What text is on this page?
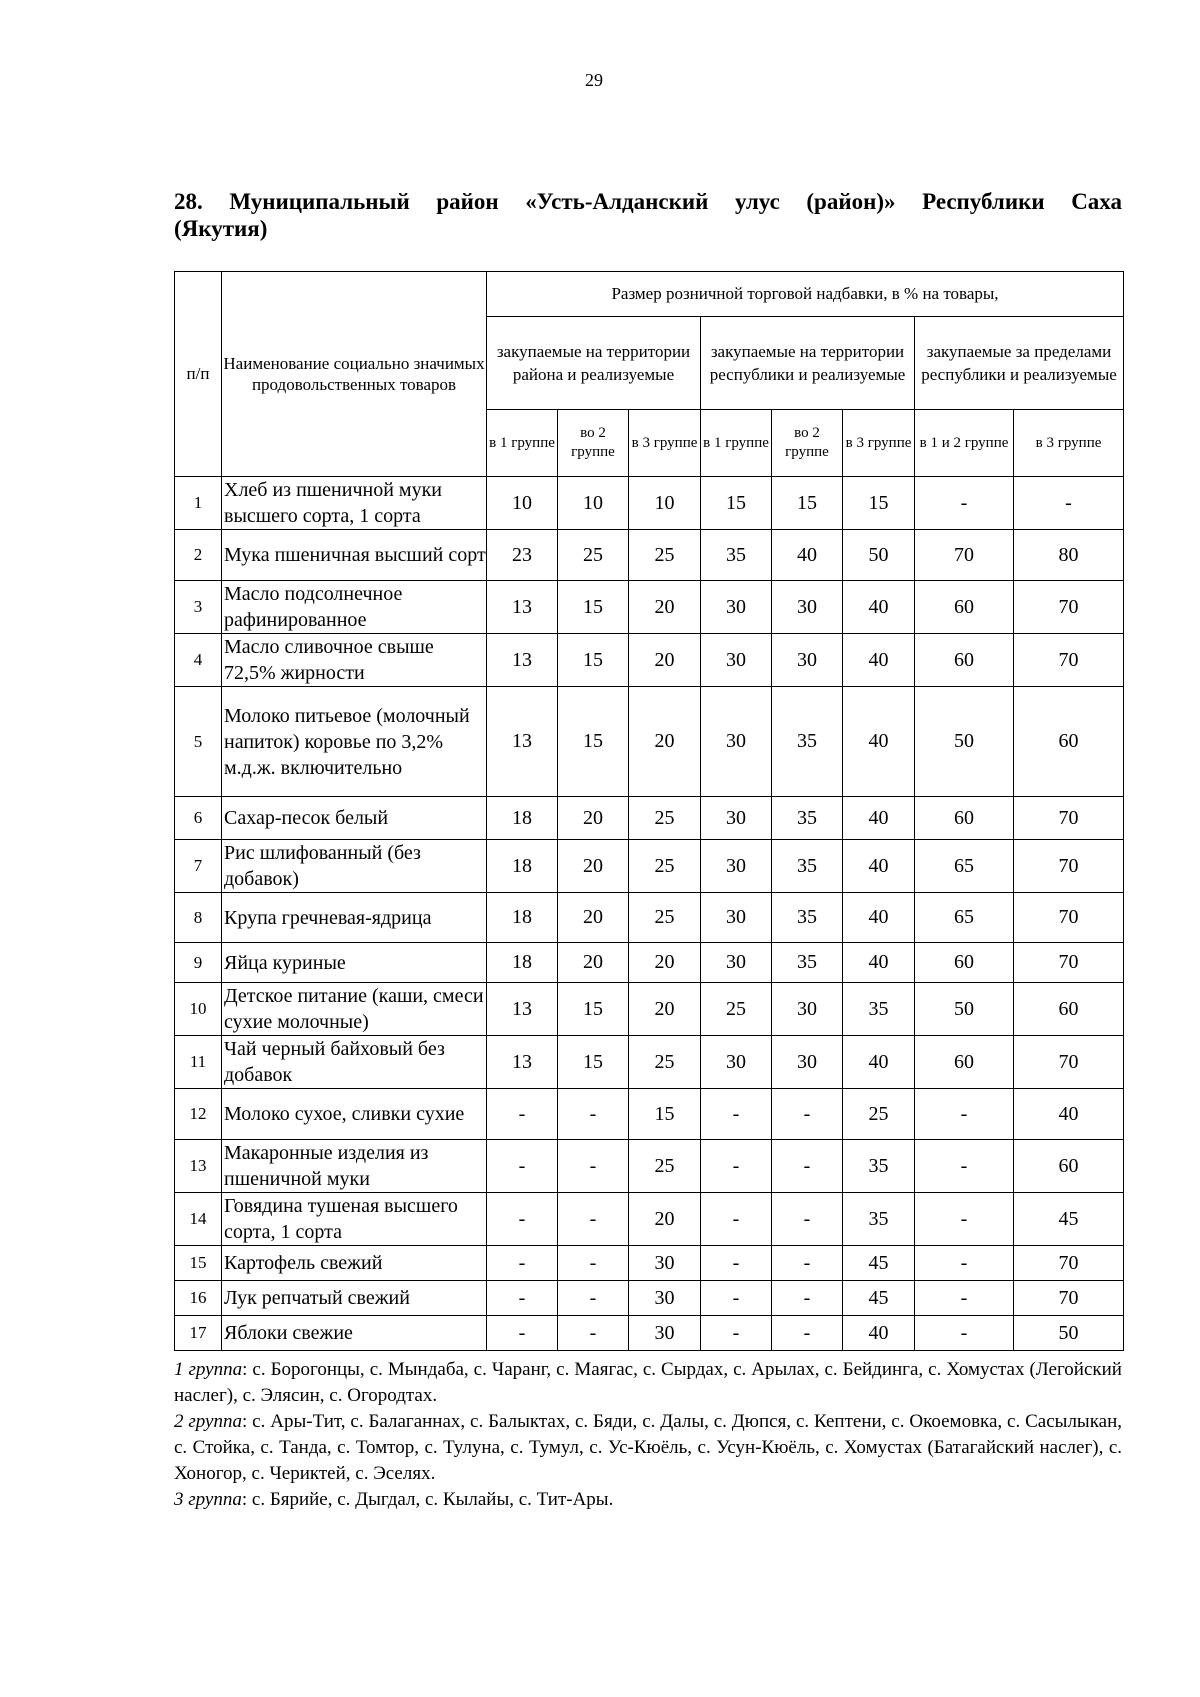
29
28. Муниципальный район «Усть-Алданский улус (район)» Республики Саха
(Якутия)
п/п	Наименование социально значимых продовольственных товаров	Размер розничной торговой надбавки, в % на товары,							
		закупаемые на территории района и реализуемые			закупаемые на территории республики и реализуемые			закупаемые за пределами республики и реализуемые	
		в 1 группе	во 2 группе	в 3 группе	в 1 группе	во 2 группе	в 3 группе	в 1 и 2 группе	в 3 группе
1	Хлеб из пшеничной муки высшего сорта, 1 сорта	10	10	10	15	15	15	-	-
2	Мука пшеничная высший сорт	23	25	25	35	40	50	70	80
3	Масло подсолнечное рафинированное	13	15	20	30	30	40	60	70
4	Масло сливочное свыше 72,5% жирности	13	15	20	30	30	40	60	70
5	Молоко питьевое (молочный напиток) коровье по 3,2% м.д.ж. включительно	13	15	20	30	35	40	50	60
6	Сахар-песок белый	18	20	25	30	35	40	60	70
7	Рис шлифованный (без добавок)	18	20	25	30	35	40	65	70
8	Крупа гречневая-ядрица	18	20	25	30	35	40	65	70
9	Яйца куриные	18	20	20	30	35	40	60	70
10	Детское питание (каши, смеси сухие молочные)	13	15	20	25	30	35	50	60
11	Чай черный байховый без добавок	13	15	25	30	30	40	60	70
12	Молоко сухое, сливки сухие	-	-	15	-	-	25	-	40
13	Макаронные изделия из пшеничной муки	-	-	25	-	-	35	-	60
14	Говядина тушеная высшего сорта, 1 сорта	-	-	20	-	-	35	-	45
15	Картофель свежий	-	-	30	-	-	45	-	70
16	Лук репчатый свежий	-	-	30	-	-	45	-	70
17	Яблоки свежие	-	-	30	-	-	40	-	50

1 группа: с. Борогонцы, с. Мындаба, с. Чаранг, с. Маягас, с. Сырдах, с. Арылах, с. Бейдинга, с. Хомустах (Легойский наслег), с. Элясин, с. Огородтах.

2 группа: с. Ары-Тит, с. Балаганнах, с. Балыктах, с. Бяди, с. Далы, с. Дюпся, с. Кептени, с. Окоемовка, с. Сасылыкан, с. Стойка, с. Танда, с. Томтор, с. Тулуна, с. Тумул, с. Ус-Кюёль, с. Усун-Кюёль, с. Хомустах (Батагайский наслег), с. Хоногор, с. Чериктей, с. Эселях.

3 группа: с. Бярийе, с. Дыгдал, с. Кылайы, с. Тит-Ары.
